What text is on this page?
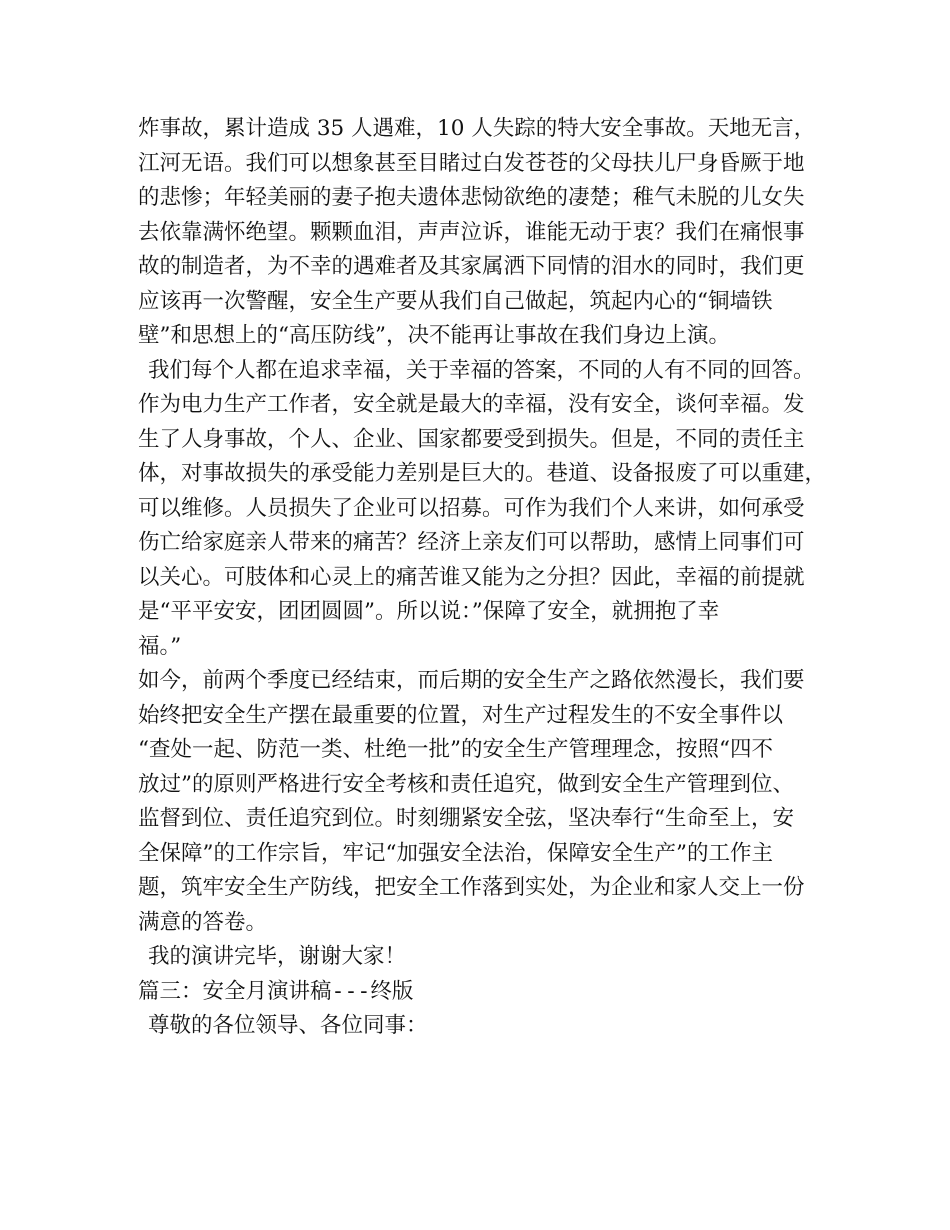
炸事故，累计造成 35 人遇难，10 人失踪的特大安全事故。天地无言，
江河无语。我们可以想象甚至目睹过白发苍苍的父母扶儿尸身昏厥于地
的悲惨；年轻美丽的妻子抱夫遗体悲恸欲绝的凄楚；稚气未脱的儿女失
去依靠满怀绝望。颗颗血泪，声声泣诉，谁能无动于衷？我们在痛恨事
故的制造者，为不幸的遇难者及其家属洒下同情的泪水的同时，我们更
应该再一次警醒，安全生产要从我们自己做起，筑起内心的“铜墙铁
壁”和思想上的“高压防线”，决不能再让事故在我们身边上演。
我们每个人都在追求幸福，关于幸福的答案，不同的人有不同的回答。
作为电力生产工作者，安全就是最大的幸福，没有安全，谈何幸福。发
生了人身事故，个人、企业、国家都要受到损失。但是，不同的责任主
体，对事故损失的承受能力差别是巨大的。巷道、设备报废了可以重建，
可以维修。人员损失了企业可以招募。可作为我们个人来讲，如何承受
伤亡给家庭亲人带来的痛苦？经济上亲友们可以帮助，感情上同事们可
以关心。可肢体和心灵上的痛苦谁又能为之分担？因此，幸福的前提就
是“平平安安，团团圆圆”。所以说：”保障了安全，就拥抱了幸
福。”
如今，前两个季度已经结束，而后期的安全生产之路依然漫长，我们要
始终把安全生产摆在最重要的位置，对生产过程发生的不安全事件以
“查处一起、防范一类、杜绝一批”的安全生产管理理念，按照“四不
放过”的原则严格进行安全考核和责任追究，做到安全生产管理到位、
监督到位、责任追究到位。时刻绷紧安全弦，坚决奉行“生命至上，安
全保障”的工作宗旨，牢记“加强安全法治，保障安全生产”的工作主
题，筑牢安全生产防线，把安全工作落到实处，为企业和家人交上一份
满意的答卷。
我的演讲完毕，谢谢大家！
篇三：安全月演讲稿---终版
尊敬的各位领导、各位同事：
